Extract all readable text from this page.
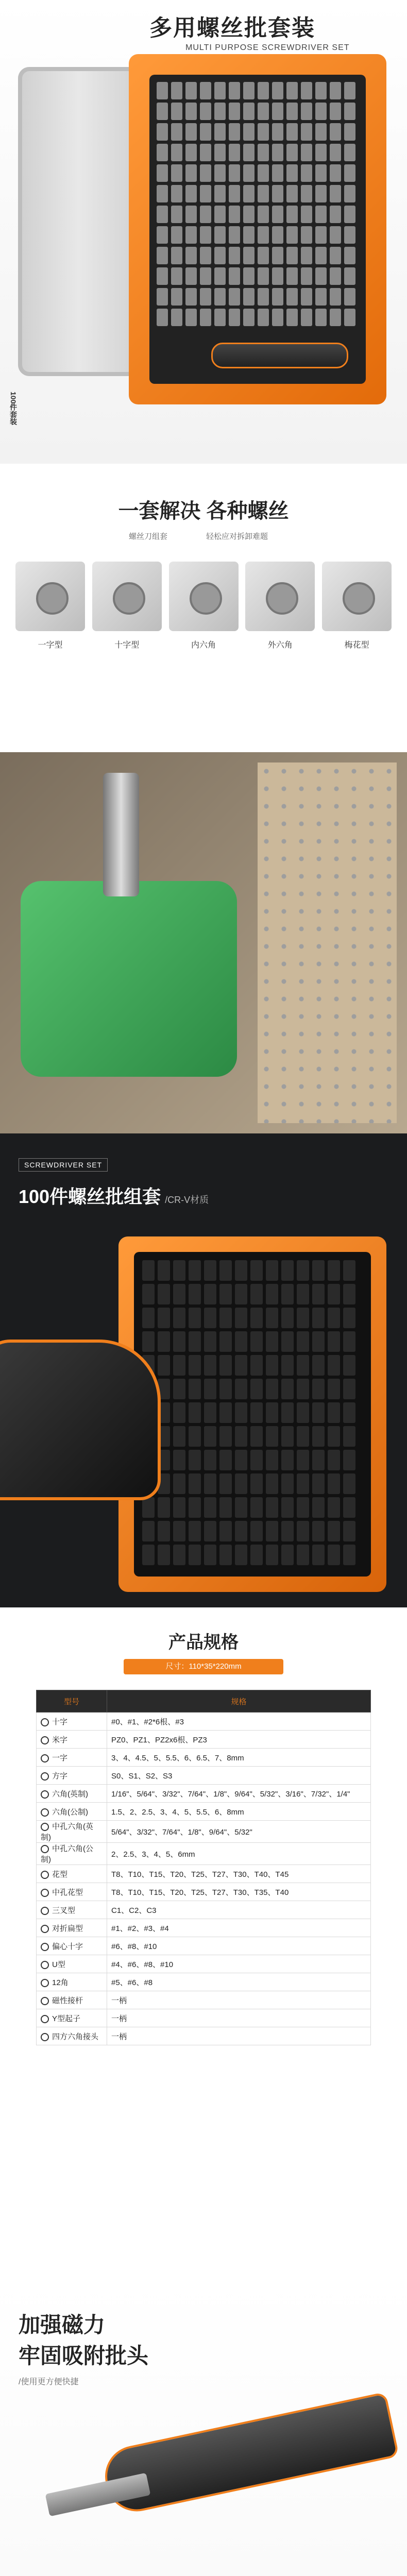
多用螺丝批套装
MULTI PURPOSE SCREWDRIVER SET
100件套装
一套解决 各种螺丝
螺丝刀组套	轻松应对拆卸难题
一字型	十字型	内六角	外六角	梅花型
SCREWDRIVER SET
100件螺丝批组套 /CR-V材质
产品规格
尺寸：110*35*220mm
型号	规格
十字	#0、#1、#2*6根、#3
米字	PZ0、PZ1、PZ2x6根、PZ3
一字	3、4、4.5、5、5.5、6、6.5、7、8mm
方字	S0、S1、S2、S3
六角(英制)	1/16"、5/64"、3/32"、7/64"、1/8"、9/64"、5/32"、3/16"、7/32"、1/4"
六角(公制)	1.5、2、2.5、3、4、5、5.5、6、8mm
中孔六角(英制)	5/64"、3/32"、7/64"、1/8"、9/64"、5/32"
中孔六角(公制)	2、2.5、3、4、5、6mm
花型	T8、T10、T15、T20、T25、T27、T30、T40、T45
中孔花型	T8、T10、T15、T20、T25、T27、T30、T35、T40
三叉型	C1、C2、C3
对折扁型	#1、#2、#3、#4
偏心十字	#6、#8、#10
U型	#4、#6、#8、#10
12角	#5、#6、#8
磁性接杆	一柄
Y型起子	一柄
四方六角接头	一柄
加强磁力
牢固吸附批头
/使用更方便快捷
